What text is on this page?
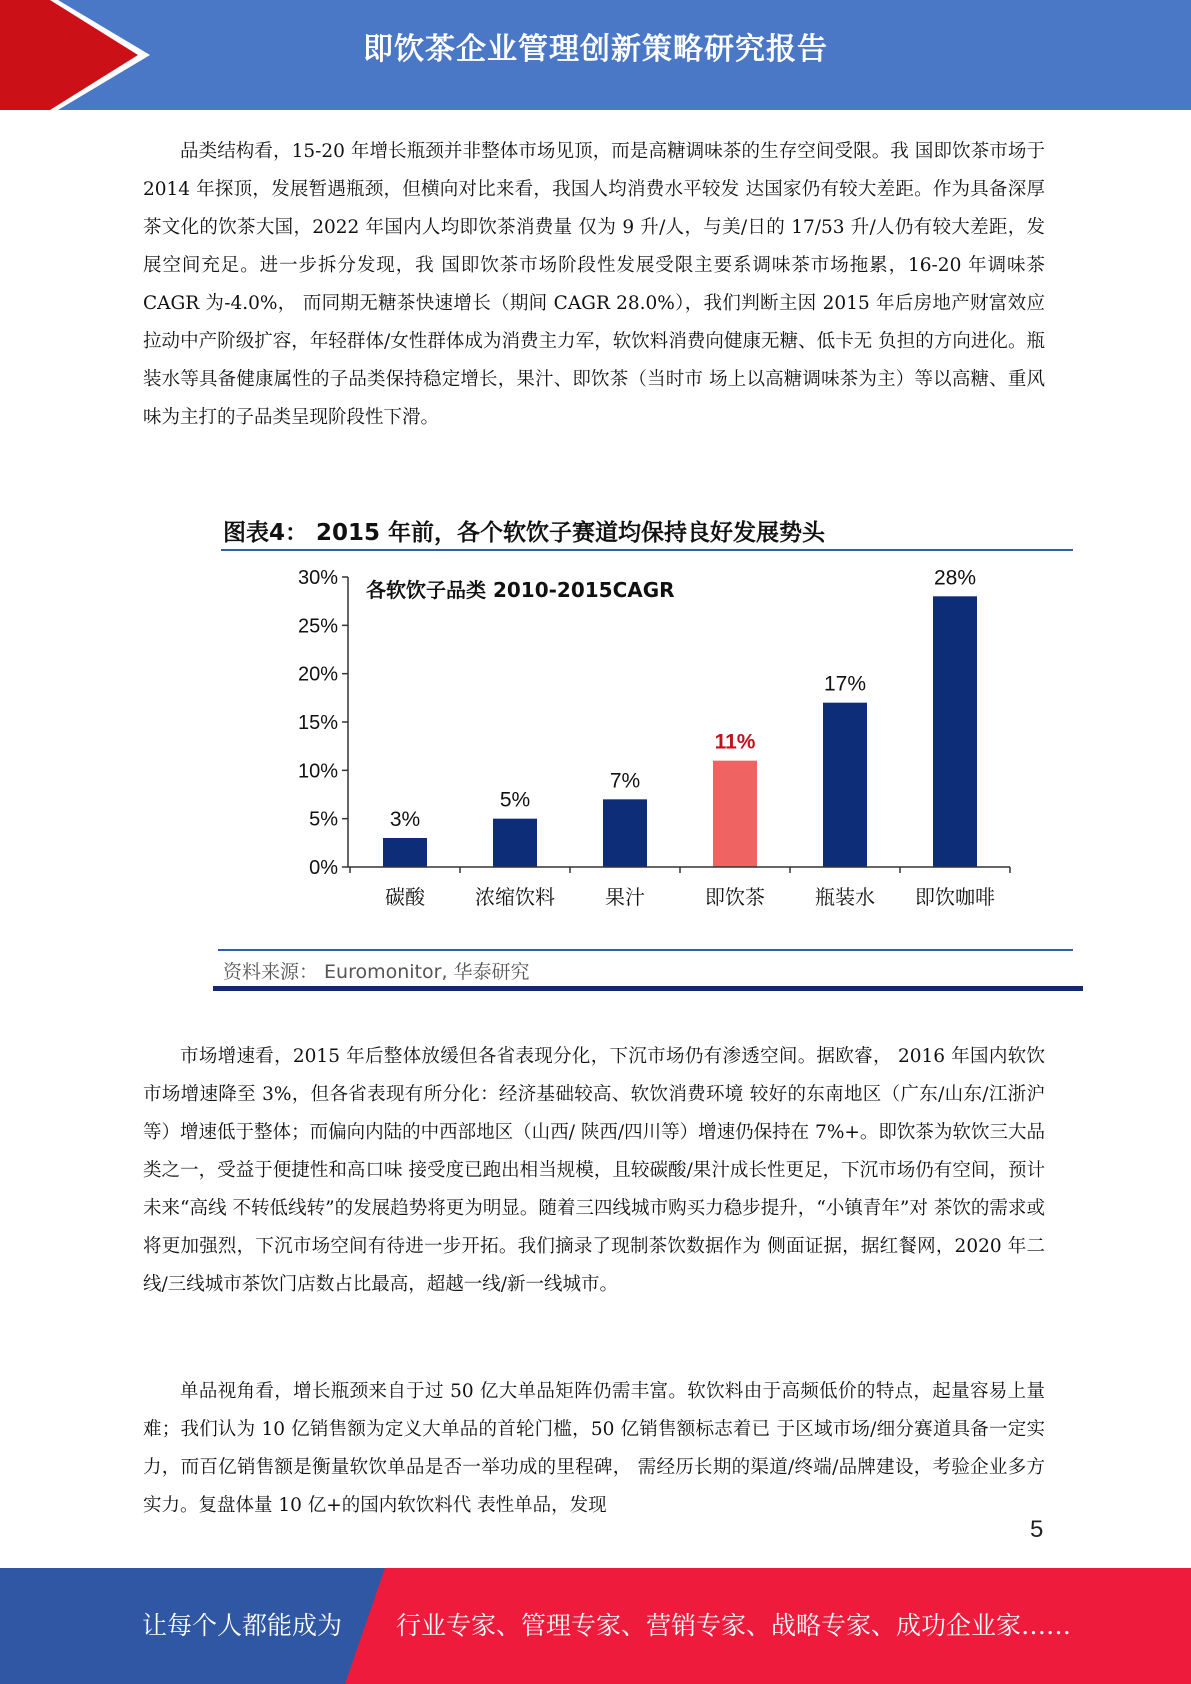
即饮茶企业管理创新策略研究报告

品类结构看，15-20 年增长瓶颈并非整体市场见顶，而是高糖调味茶的生存空间受限。我 国即饮茶市场于 2014 年探顶，发展暂遇瓶颈，但横向对比来看，我国人均消费水平较发 达国家仍有较大差距。作为具备深厚茶文化的饮茶大国，2022 年国内人均即饮茶消费量 仅为 9 升/人，与美/日的 17/53 升/人仍有较大差距，发展空间充足。进一步拆分发现，我 国即饮茶市场阶段性发展受限主要系调味茶市场拖累，16-20 年调味茶 CAGR 为-4.0%， 而同期无糖茶快速增长（期间 CAGR 28.0%），我们判断主因 2015 年后房地产财富效应 拉动中产阶级扩容，年轻群体/女性群体成为消费主力军，软饮料消费向健康无糖、低卡无 负担的方向进化。瓶装水等具备健康属性的子品类保持稳定增长，果汁、即饮茶（当时市 场上以高糖调味茶为主）等以高糖、重风味为主打的子品类呈现阶段性下滑。

图表4： 2015 年前，各个软饮子赛道均保持良好发展势头
各软饮子品类 2010-2015CAGR
0%
5%
10%
15%
20%
25%
30%
3%
5%
7%
11%
17%
28%
碳酸	浓缩饮料	果汁	即饮茶	瓶装水 即饮咖啡
资料来源： Euromonitor, 华泰研究

市场增速看，2015 年后整体放缓但各省表现分化，下沉市场仍有渗透空间。据欧睿， 2016 年国内软饮市场增速降至 3%，但各省表现有所分化：经济基础较高、软饮消费环境 较好的东南地区（广东/山东/江浙沪等）增速低于整体；而偏向内陆的中西部地区（山西/ 陕西/四川等）增速仍保持在 7%+。即饮茶为软饮三大品类之一，受益于便捷性和高口味 接受度已跑出相当规模，且较碳酸/果汁成长性更足，下沉市场仍有空间，预计未来“高线 不转低线转”的发展趋势将更为明显。随着三四线城市购买力稳步提升，“小镇青年”对 茶饮的需求或将更加强烈，下沉市场空间有待进一步开拓。我们摘录了现制茶饮数据作为 侧面证据，据红餐网，2020 年二线/三线城市茶饮门店数占比最高，超越一线/新一线城市。

单品视角看，增长瓶颈来自于过 50 亿大单品矩阵仍需丰富。软饮料由于高频低价的特点，起量容易上量难；我们认为 10 亿销售额为定义大单品的首轮门槛，50 亿销售额标志着已 于区域市场/细分赛道具备一定实力，而百亿销售额是衡量软饮单品是否一举功成的里程碑， 需经历长期的渠道/终端/品牌建设，考验企业多方实力。复盘体量 10 亿+的国内软饮料代 表性单品，发现

5
让每个人都能成为 行业专家、管理专家、营销专家、战略专家、成功企业家……
